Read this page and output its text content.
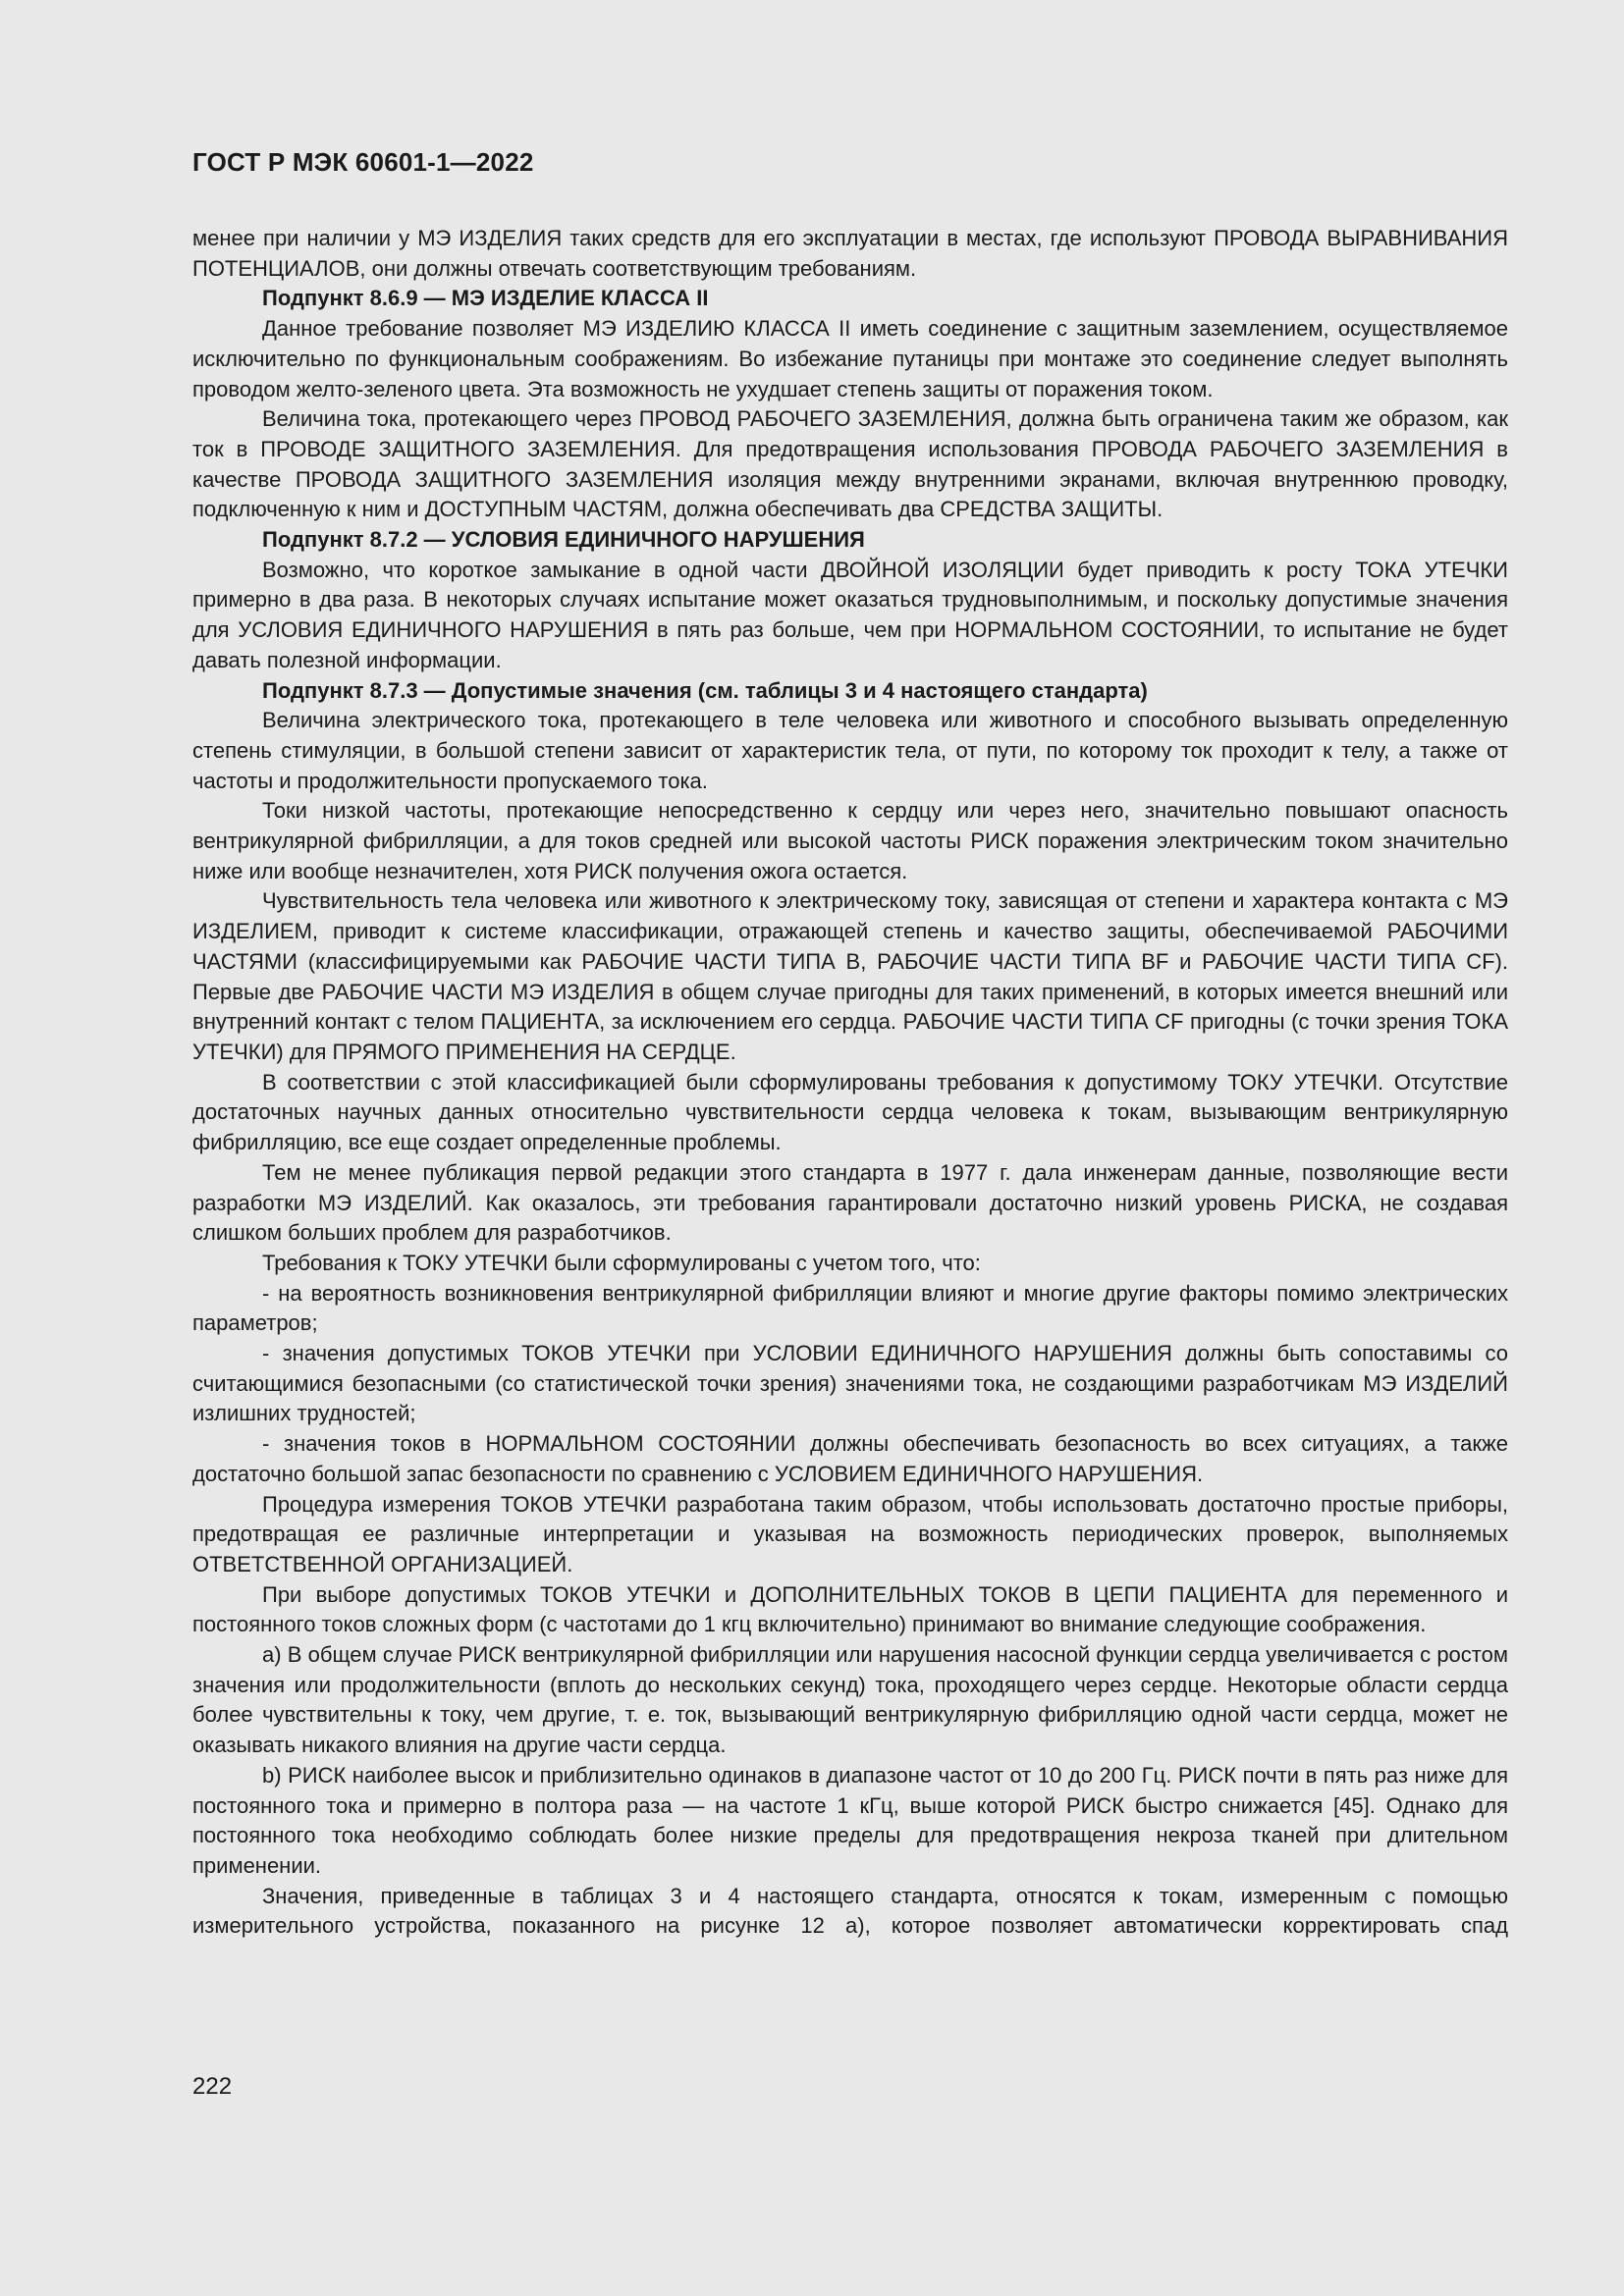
ГОСТ Р МЭК 60601-1—2022

менее при наличии у МЭ ИЗДЕЛИЯ таких средств для его эксплуатации в местах, где используют ПРОВОДА ВЫРАВНИВАНИЯ ПОТЕНЦИАЛОВ, они должны отвечать соответствующим требованиям.

Подпункт 8.6.9 — МЭ ИЗДЕЛИЕ КЛАССА II

Данное требование позволяет МЭ ИЗДЕЛИЮ КЛАССА II иметь соединение с защитным заземлением, осуществляемое исключительно по функциональным соображениям. Во избежание путаницы при монтаже это соединение следует выполнять проводом желто-зеленого цвета. Эта возможность не ухудшает степень защиты от поражения током.

Величина тока, протекающего через ПРОВОД РАБОЧЕГО ЗАЗЕМЛЕНИЯ, должна быть ограничена таким же образом, как ток в ПРОВОДЕ ЗАЩИТНОГО ЗАЗЕМЛЕНИЯ. Для предотвращения использования ПРОВОДА РАБОЧЕГО ЗАЗЕМЛЕНИЯ в качестве ПРОВОДА ЗАЩИТНОГО ЗАЗЕМЛЕНИЯ изоляция между внутренними экранами, включая внутреннюю проводку, подключенную к ним и ДОСТУПНЫМ ЧАСТЯМ, должна обеспечивать два СРЕДСТВА ЗАЩИТЫ.

Подпункт 8.7.2 — УСЛОВИЯ ЕДИНИЧНОГО НАРУШЕНИЯ

Возможно, что короткое замыкание в одной части ДВОЙНОЙ ИЗОЛЯЦИИ будет приводить к росту ТОКА УТЕЧКИ примерно в два раза. В некоторых случаях испытание может оказаться трудновыполнимым, и поскольку допустимые значения для УСЛОВИЯ ЕДИНИЧНОГО НАРУШЕНИЯ в пять раз больше, чем при НОРМАЛЬНОМ СОСТОЯНИИ, то испытание не будет давать полезной информации.

Подпункт 8.7.3 — Допустимые значения (см. таблицы 3 и 4 настоящего стандарта)

Величина электрического тока, протекающего в теле человека или животного и способного вызывать определенную степень стимуляции, в большой степени зависит от характеристик тела, от пути, по которому ток проходит к телу, а также от частоты и продолжительности пропускаемого тока.

Токи низкой частоты, протекающие непосредственно к сердцу или через него, значительно повышают опасность вентрикулярной фибрилляции, а для токов средней или высокой частоты РИСК поражения электрическим током значительно ниже или вообще незначителен, хотя РИСК получения ожога остается.

Чувствительность тела человека или животного к электрическому току, зависящая от степени и характера контакта с МЭ ИЗДЕЛИЕМ, приводит к системе классификации, отражающей степень и качество защиты, обеспечиваемой РАБОЧИМИ ЧАСТЯМИ (классифицируемыми как РАБОЧИЕ ЧАСТИ ТИПА В, РАБОЧИЕ ЧАСТИ ТИПА BF и РАБОЧИЕ ЧАСТИ ТИПА CF). Первые две РАБОЧИЕ ЧАСТИ МЭ ИЗДЕЛИЯ в общем случае пригодны для таких применений, в которых имеется внешний или внутренний контакт с телом ПАЦИЕНТА, за исключением его сердца. РАБОЧИЕ ЧАСТИ ТИПА CF пригодны (с точки зрения ТОКА УТЕЧКИ) для ПРЯМОГО ПРИМЕНЕНИЯ НА СЕРДЦЕ.

В соответствии с этой классификацией были сформулированы требования к допустимому ТОКУ УТЕЧКИ. Отсутствие достаточных научных данных относительно чувствительности сердца человека к токам, вызывающим вентрикулярную фибрилляцию, все еще создает определенные проблемы.

Тем не менее публикация первой редакции этого стандарта в 1977 г. дала инженерам данные, позволяющие вести разработки МЭ ИЗДЕЛИЙ. Как оказалось, эти требования гарантировали достаточно низкий уровень РИСКА, не создавая слишком больших проблем для разработчиков.

Требования к ТОКУ УТЕЧКИ были сформулированы с учетом того, что:

- на вероятность возникновения вентрикулярной фибрилляции влияют и многие другие факторы помимо электрических параметров;

- значения допустимых ТОКОВ УТЕЧКИ при УСЛОВИИ ЕДИНИЧНОГО НАРУШЕНИЯ должны быть сопоставимы со считающимися безопасными (со статистической точки зрения) значениями тока, не создающими разработчикам МЭ ИЗДЕЛИЙ излишних трудностей;

- значения токов в НОРМАЛЬНОМ СОСТОЯНИИ должны обеспечивать безопасность во всех ситуациях, а также достаточно большой запас безопасности по сравнению с УСЛОВИЕМ ЕДИНИЧНОГО НАРУШЕНИЯ.

Процедура измерения ТОКОВ УТЕЧКИ разработана таким образом, чтобы использовать достаточно простые приборы, предотвращая ее различные интерпретации и указывая на возможность периодических проверок, выполняемых ОТВЕТСТВЕННОЙ ОРГАНИЗАЦИЕЙ.

При выборе допустимых ТОКОВ УТЕЧКИ и ДОПОЛНИТЕЛЬНЫХ ТОКОВ В ЦЕПИ ПАЦИЕНТА для переменного и постоянного токов сложных форм (с частотами до 1 кгц включительно) принимают во внимание следующие соображения.

a) В общем случае РИСК вентрикулярной фибрилляции или нарушения насосной функции сердца увеличивается с ростом значения или продолжительности (вплоть до нескольких секунд) тока, проходящего через сердце. Некоторые области сердца более чувствительны к току, чем другие, т. е. ток, вызывающий вентрикулярную фибрилляцию одной части сердца, может не оказывать никакого влияния на другие части сердца.

b) РИСК наиболее высок и приблизительно одинаков в диапазоне частот от 10 до 200 Гц. РИСК почти в пять раз ниже для постоянного тока и примерно в полтора раза — на частоте 1 кГц, выше которой РИСК быстро снижается [45]. Однако для постоянного тока необходимо соблюдать более низкие пределы для предотвращения некроза тканей при длительном применении.

Значения, приведенные в таблицах 3 и 4 настоящего стандарта, относятся к токам, измеренным с помощью измерительного устройства, показанного на рисунке 12 а), которое позволяет автоматически корректировать спад

222
